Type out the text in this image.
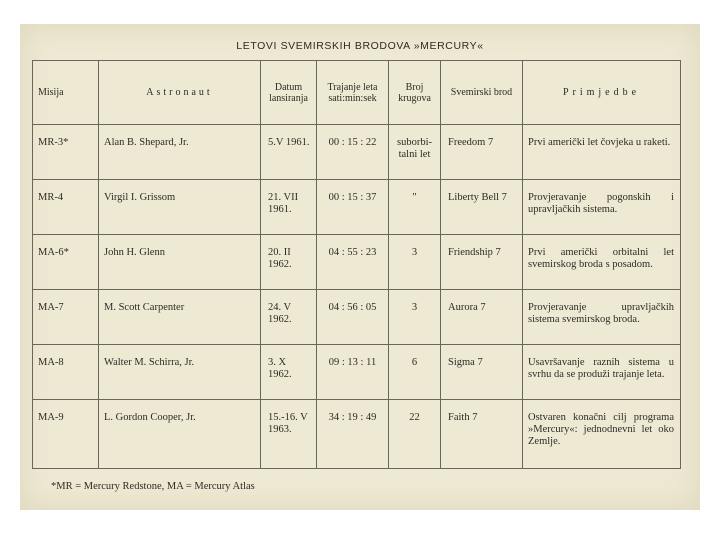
LETOVI SVEMIRSKIH BRODOVA »MERCURY«
Misija	Astronaut	Datum lansiranja	Trajanje leta sati:min:sek	Broj krugova	Svemirski brod	Primjedbe
MR-3*	Alan B. Shepard, Jr.	5.V 1961.	00 : 15 : 22	suborbi-talni let	Freedom 7	Prvi američki let čovjeka u raketi.
MR-4	Virgil I. Grissom	21. VII 1961.	00 : 15 : 37	"	Liberty Bell 7	Provjeravanje pogonskih i upravljačkih sistema.
MA-6*	John H. Glenn	20. II 1962.	04 : 55 : 23	3	Friendship 7	Prvi američki orbitalni let svemirskog broda s posadom.
MA-7	M. Scott Carpenter	24. V 1962.	04 : 56 : 05	3	Aurora 7	Provjeravanje upravljačkih sistema svemirskog broda.
MA-8	Walter M. Schirra, Jr.	3. X 1962.	09 : 13 : 11	6	Sigma 7	Usavršavanje raznih sistema u svrhu da se produži trajanje leta.
MA-9	L. Gordon Cooper, Jr.	15.-16. V 1963.	34 : 19 : 49	22	Faith 7	Ostvaren konačni cilj programa »Mercury«: jednodnevni let oko Zemlje.
*MR = Mercury Redstone, MA = Mercury Atlas
